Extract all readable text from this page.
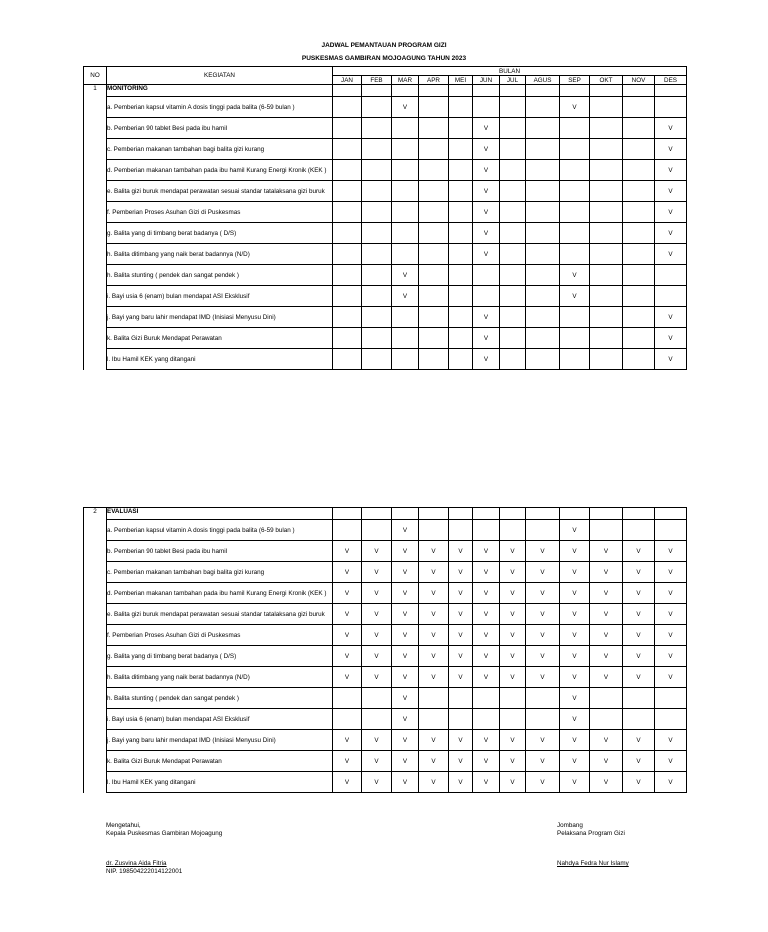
JADWAL PEMANTAUAN PROGRAM GIZI
PUSKESMAS GAMBIRAN MOJOAGUNG TAHUN 2023
NO	KEGIATAN	BULAN											
		JAN	FEB	MAR	APR	MEI	JUN	JUL	AGUS	SEP	OKT	NOV	DES
1	MONITORING												
	a. Pemberian kapsul vitamin A dosis tinggi pada balita (6-59 bulan )			V						V			
	b. Pemberian 90 tablet Besi pada ibu hamil						V						V
	c. Pemberian makanan tambahan bagi balita gizi kurang						V						V
	d. Pemberian makanan tambahan pada ibu hamil Kurang Energi Kronik (KEK )						V						V
	e. Balita gizi buruk mendapat perawatan sesuai standar tatalaksana gizi buruk						V						V
	f. Pemberian Proses Asuhan Gizi di Puskesmas						V						V
	g. Balita yang di timbang berat badanya ( D/S)						V						V
	h. Balita ditimbang yang naik berat badannya (N/D)						V						V
	h. Balita stunting ( pendek dan sangat pendek )			V						V			
	i. Bayi usia 6 (enam) bulan mendapat ASI Eksklusif			V						V			
	j. Bayi yang baru lahir mendapat IMD (Inisiasi Menyusu Dini)						V						V
	k. Balita Gizi Buruk Mendapat Perawatan						V						V
	l. Ibu Hamil KEK yang ditangani						V						V
2	EVALUASI												
	a. Pemberian kapsul vitamin A dosis tinggi pada balita (6-59 bulan )			V						V			
	b. Pemberian 90 tablet Besi pada ibu hamil	V	V	V	V	V	V	V	V	V	V	V	V
	c. Pemberian makanan tambahan bagi balita gizi kurang	V	V	V	V	V	V	V	V	V	V	V	V
	d. Pemberian makanan tambahan pada ibu hamil Kurang Energi Kronik (KEK )	V	V	V	V	V	V	V	V	V	V	V	V
	e. Balita gizi buruk mendapat perawatan sesuai standar tatalaksana gizi buruk	V	V	V	V	V	V	V	V	V	V	V	V
	f. Pemberian Proses Asuhan Gizi di Puskesmas	V	V	V	V	V	V	V	V	V	V	V	V
	g. Balita yang di timbang berat badanya ( D/S)	V	V	V	V	V	V	V	V	V	V	V	V
	h. Balita ditimbang yang naik berat badannya (N/D)	V	V	V	V	V	V	V	V	V	V	V	V
	h. Balita stunting ( pendek dan sangat pendek )			V						V			
	i. Bayi usia 6 (enam) bulan mendapat ASI Eksklusif			V						V			
	j. Bayi yang baru lahir mendapat IMD (Inisiasi Menyusu Dini)	V	V	V	V	V	V	V	V	V	V	V	V
	k. Balita Gizi Buruk Mendapat Perawatan	V	V	V	V	V	V	V	V	V	V	V	V
	l. Ibu Hamil KEK yang ditangani	V	V	V	V	V	V	V	V	V	V	V	V
Mengetahui,
Kepala Puskesmas Gambiran Mojoagung
dr. Zusvina Aida Fitria
NIP. 198504222014122001
Jombang
Pelaksana Program Gizi
Nahdya Fedra Nur Islamy
